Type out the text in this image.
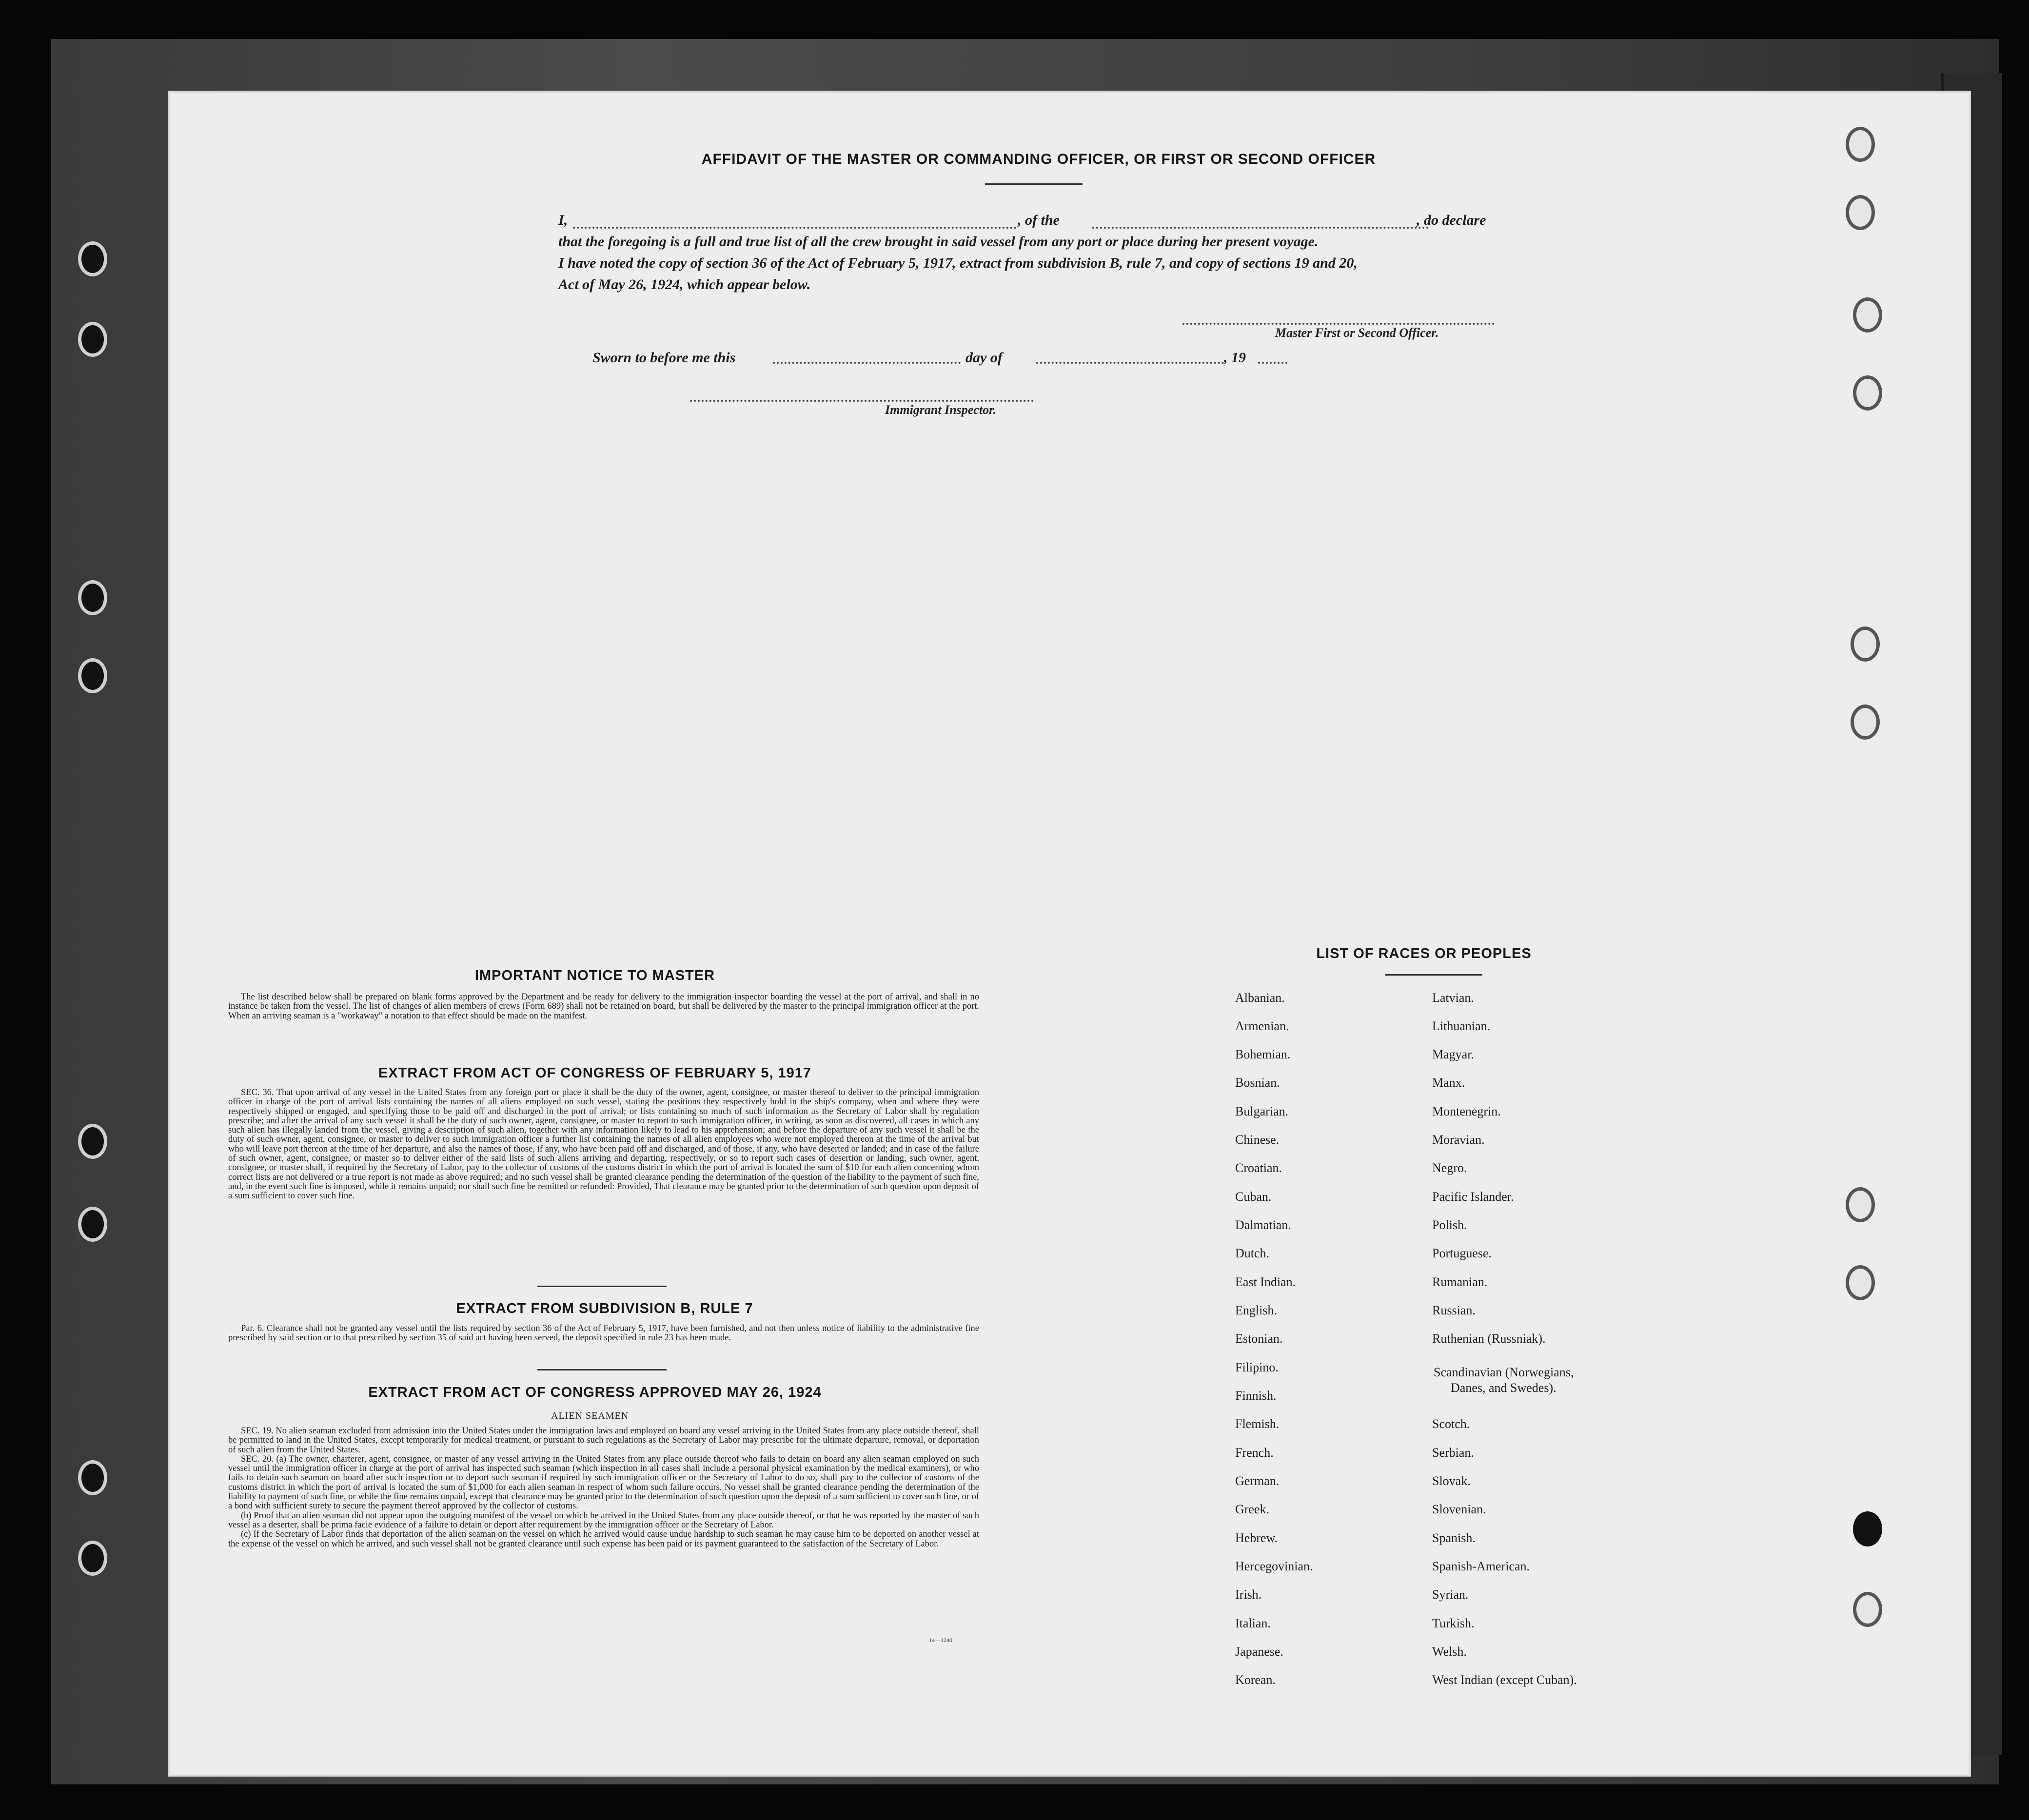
AFFIDAVIT OF THE MASTER OR COMMANDING OFFICER, OR FIRST OR SECOND OFFICER
I,	, of the	, do declare
that the foregoing is a full and true list of all the crew brought in said vessel from any port or place during her present voyage.
I have noted the copy of section 36 of the Act of February 5, 1917, extract from subdivision B, rule 7, and copy of sections 19 and 20,
Act of May 26, 1924, which appear below.
Master First or Second Officer.
Sworn to before me this	day of	, 19
Immigrant Inspector.
IMPORTANT NOTICE TO MASTER

The list described below shall be prepared on blank forms approved by the Department and be ready for delivery to the immigration inspector boarding the vessel at the port of arrival, and shall in no instance be taken from the vessel. The list of changes of alien members of crews (Form 689) shall not be retained on board, but shall be delivered by the master to the principal immigration officer at the port. When an arriving seaman is a "workaway" a notation to that effect should be made on the manifest.

EXTRACT FROM ACT OF CONGRESS OF FEBRUARY 5, 1917

SEC. 36. That upon arrival of any vessel in the United States from any foreign port or place it shall be the duty of the owner, agent, consignee, or master thereof to deliver to the principal immigration officer in charge of the port of arrival lists containing the names of all aliens employed on such vessel, stating the positions they respectively hold in the ship's company, when and where they were respectively shipped or engaged, and specifying those to be paid off and discharged in the port of arrival; or lists containing so much of such information as the Secretary of Labor shall by regulation prescribe; and after the arrival of any such vessel it shall be the duty of such owner, agent, consignee, or master to report to such immigration officer, in writing, as soon as discovered, all cases in which any such alien has illegally landed from the vessel, giving a description of such alien, together with any information likely to lead to his apprehension; and before the departure of any such vessel it shall be the duty of such owner, agent, consignee, or master to deliver to such immigration officer a further list containing the names of all alien employees who were not employed thereon at the time of the arrival but who will leave port thereon at the time of her departure, and also the names of those, if any, who have been paid off and discharged, and of those, if any, who have deserted or landed; and in case of the failure of such owner, agent, consignee, or master so to deliver either of the said lists of such aliens arriving and departing, respectively, or so to report such cases of desertion or landing, such owner, agent, consignee, or master shall, if required by the Secretary of Labor, pay to the collector of customs of the customs district in which the port of arrival is located the sum of $10 for each alien concerning whom correct lists are not delivered or a true report is not made as above required; and no such vessel shall be granted clearance pending the determination of the question of the liability to the payment of such fine, and, in the event such fine is imposed, while it remains unpaid; nor shall such fine be remitted or refunded: Provided, That clearance may be granted prior to the determination of such question upon deposit of a sum sufficient to cover such fine.

EXTRACT FROM SUBDIVISION B, RULE 7

Par. 6. Clearance shall not be granted any vessel until the lists required by section 36 of the Act of February 5, 1917, have been furnished, and not then unless notice of liability to the administrative fine prescribed by said section or to that prescribed by section 35 of said act having been served, the deposit specified in rule 23 has been made.

EXTRACT FROM ACT OF CONGRESS APPROVED MAY 26, 1924
ALIEN SEAMEN

SEC. 19. No alien seaman excluded from admission into the United States under the immigration laws and employed on board any vessel arriving in the United States from any place outside thereof, shall be permitted to land in the United States, except temporarily for medical treatment, or pursuant to such regulations as the Secretary of Labor may prescribe for the ultimate departure, removal, or deportation of such alien from the United States.

SEC. 20. (a) The owner, charterer, agent, consignee, or master of any vessel arriving in the United States from any place outside thereof who fails to detain on board any alien seaman employed on such vessel until the immigration officer in charge at the port of arrival has inspected such seaman (which inspection in all cases shall include a personal physical examination by the medical examiners), or who fails to detain such seaman on board after such inspection or to deport such seaman if required by such immigration officer or the Secretary of Labor to do so, shall pay to the collector of customs of the customs district in which the port of arrival is located the sum of $1,000 for each alien seaman in respect of whom such failure occurs. No vessel shall be granted clearance pending the determination of the liability to payment of such fine, or while the fine remains unpaid, except that clearance may be granted prior to the determination of such question upon the deposit of a sum sufficient to cover such fine, or of a bond with sufficient surety to secure the payment thereof approved by the collector of customs.

(b) Proof that an alien seaman did not appear upon the outgoing manifest of the vessel on which he arrived in the United States from any place outside thereof, or that he was reported by the master of such vessel as a deserter, shall be prima facie evidence of a failure to detain or deport after requirement by the immigration officer or the Secretary of Labor.

(c) If the Secretary of Labor finds that deportation of the alien seaman on the vessel on which he arrived would cause undue hardship to such seaman he may cause him to be deported on another vessel at the expense of the vessel on which he arrived, and such vessel shall not be granted clearance until such expense has been paid or its payment guaranteed to the satisfaction of the Secretary of Labor.

14—1240
LIST OF RACES OR PEOPLES
Albanian.
Armenian.
Bohemian.
Bosnian.
Bulgarian.
Chinese.
Croatian.
Cuban.
Dalmatian.
Dutch.
East Indian.
English.
Estonian.
Filipino.
Finnish.
Flemish.
French.
German.
Greek.
Hebrew.
Hercegovinian.
Irish.
Italian.
Japanese.
Korean.
Latvian.
Lithuanian.
Magyar.
Manx.
Montenegrin.
Moravian.
Negro.
Pacific Islander.
Polish.
Portuguese.
Rumanian.
Russian.
Ruthenian (Russniak).
Scandinavian (Norwegians,
Danes, and Swedes).
Scotch.
Serbian.
Slovak.
Slovenian.
Spanish.
Spanish-American.
Syrian.
Turkish.
Welsh.
West Indian (except Cuban).
